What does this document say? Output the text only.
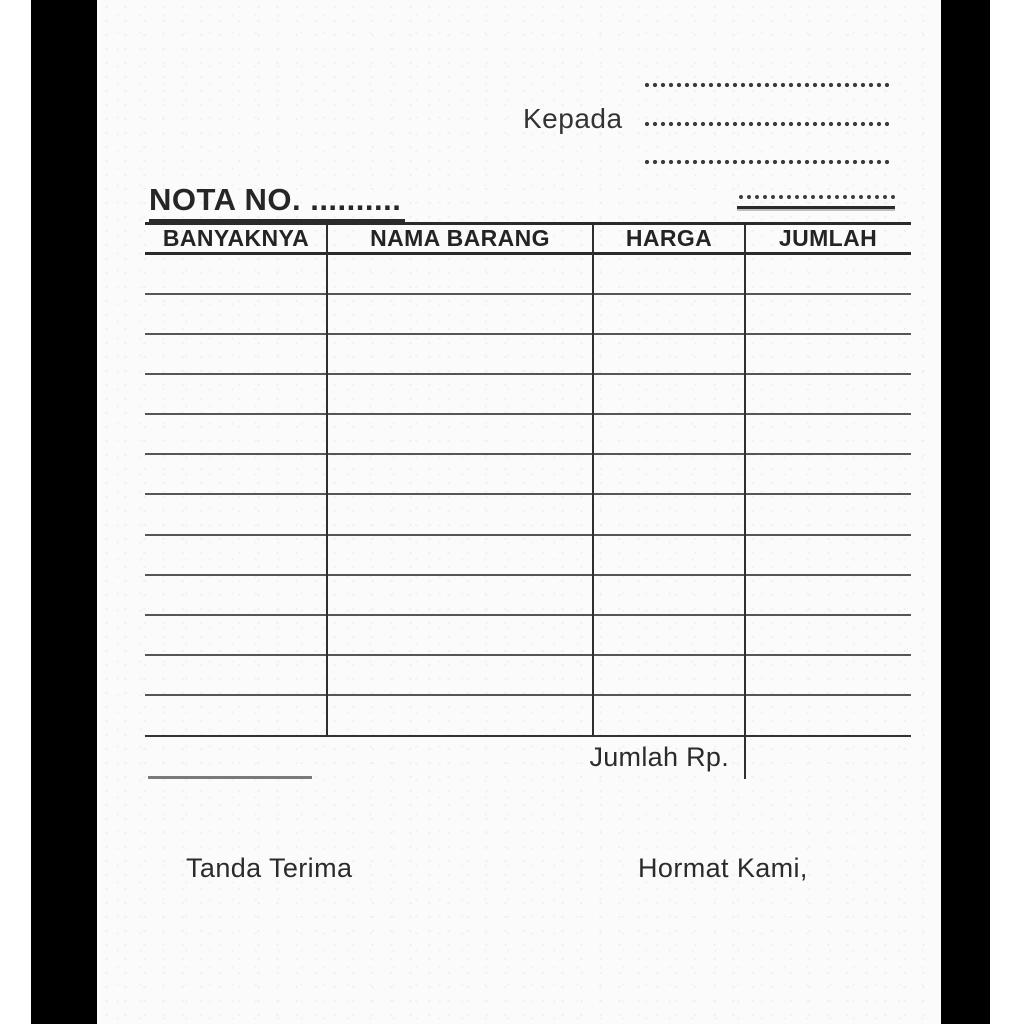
Kepada
NOTA NO. ..........
BANYAKNYA	NAMA BARANG	HARGA	JUMLAH
Jumlah Rp.
Tanda Terima	Hormat Kami,
